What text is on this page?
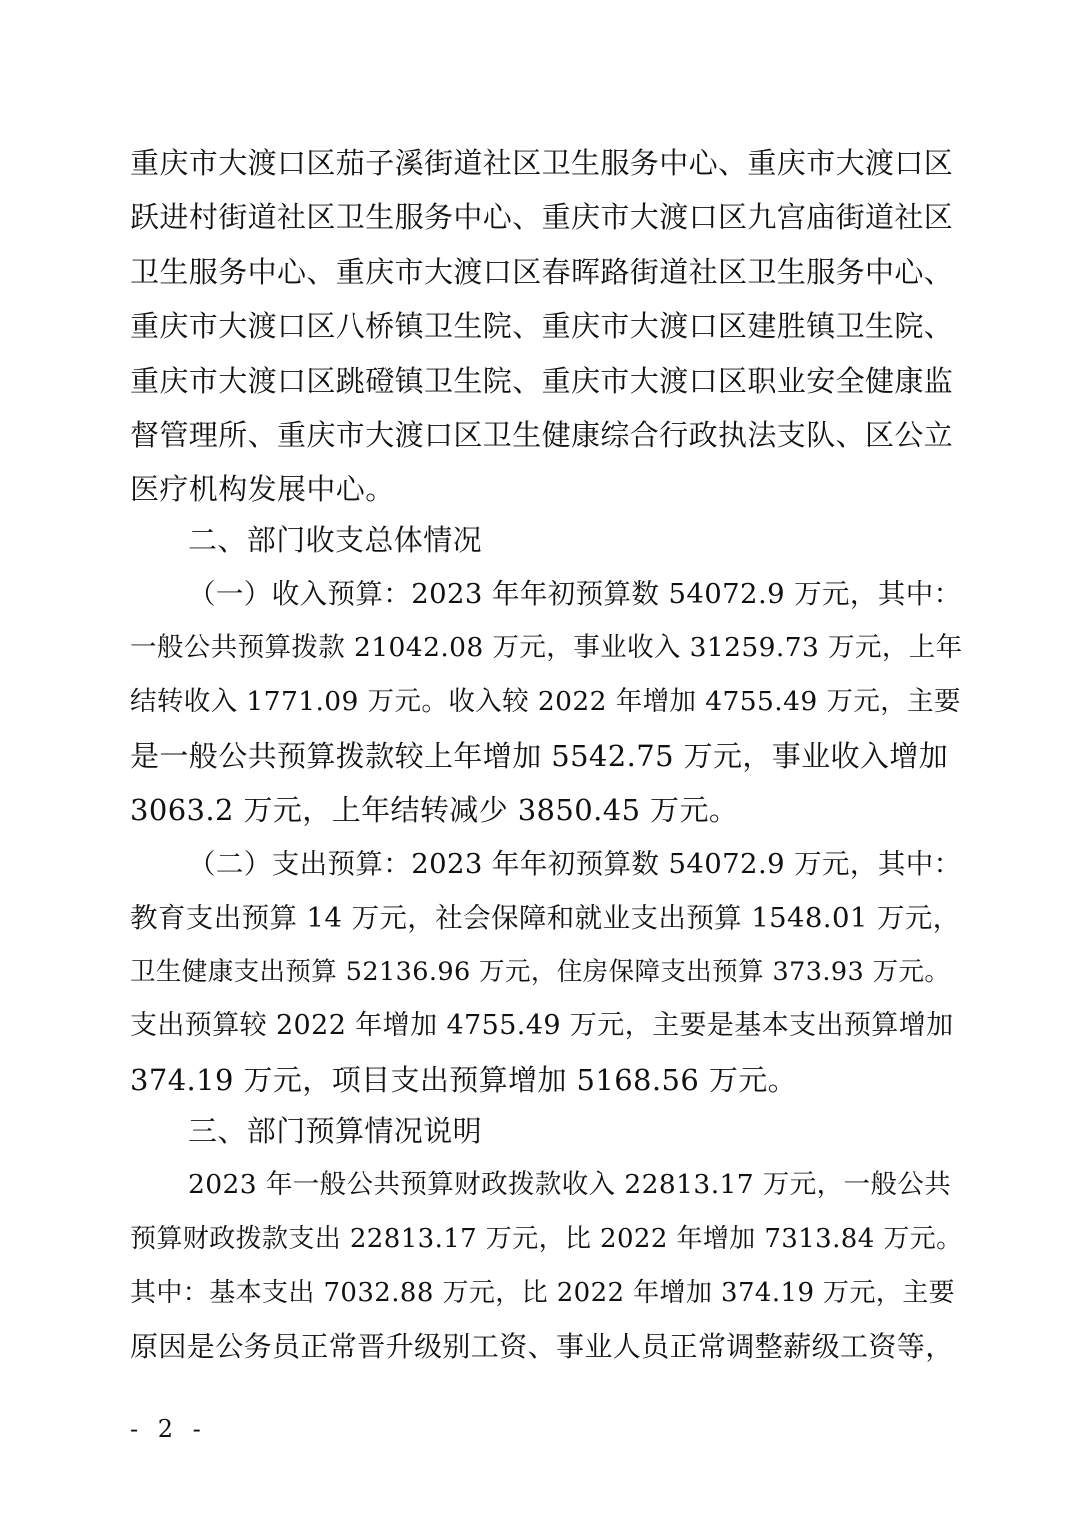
重庆市大渡口区茄子溪街道社区卫生服务中心、重庆市大渡口区
跃进村街道社区卫生服务中心、重庆市大渡口区九宫庙街道社区
卫生服务中心、重庆市大渡口区春晖路街道社区卫生服务中心、
重庆市大渡口区八桥镇卫生院、重庆市大渡口区建胜镇卫生院、
重庆市大渡口区跳磴镇卫生院、重庆市大渡口区职业安全健康监
督管理所、重庆市大渡口区卫生健康综合行政执法支队、区公立
医疗机构发展中心。
二、部门收支总体情况
（一）收入预算：2023 年年初预算数 54072.9 万元，其中：
一般公共预算拨款 21042.08 万元，事业收入 31259.73 万元，上年
结转收入 1771.09 万元。收入较 2022 年增加 4755.49 万元，主要
是一般公共预算拨款较上年增加 5542.75 万元，事业收入增加
3063.2 万元，上年结转减少 3850.45 万元。
（二）支出预算：2023 年年初预算数 54072.9 万元，其中：
教育支出预算 14 万元，社会保障和就业支出预算 1548.01 万元，
卫生健康支出预算 52136.96 万元，住房保障支出预算 373.93 万元。
支出预算较 2022 年增加 4755.49 万元，主要是基本支出预算增加
374.19 万元，项目支出预算增加 5168.56 万元。
三、部门预算情况说明
2023 年一般公共预算财政拨款收入 22813.17 万元，一般公共
预算财政拨款支出 22813.17 万元，比 2022 年增加 7313.84 万元。
其中：基本支出 7032.88 万元，比 2022 年增加 374.19 万元，主要
原因是公务员正常晋升级别工资、事业人员正常调整薪级工资等，
- 2 -
